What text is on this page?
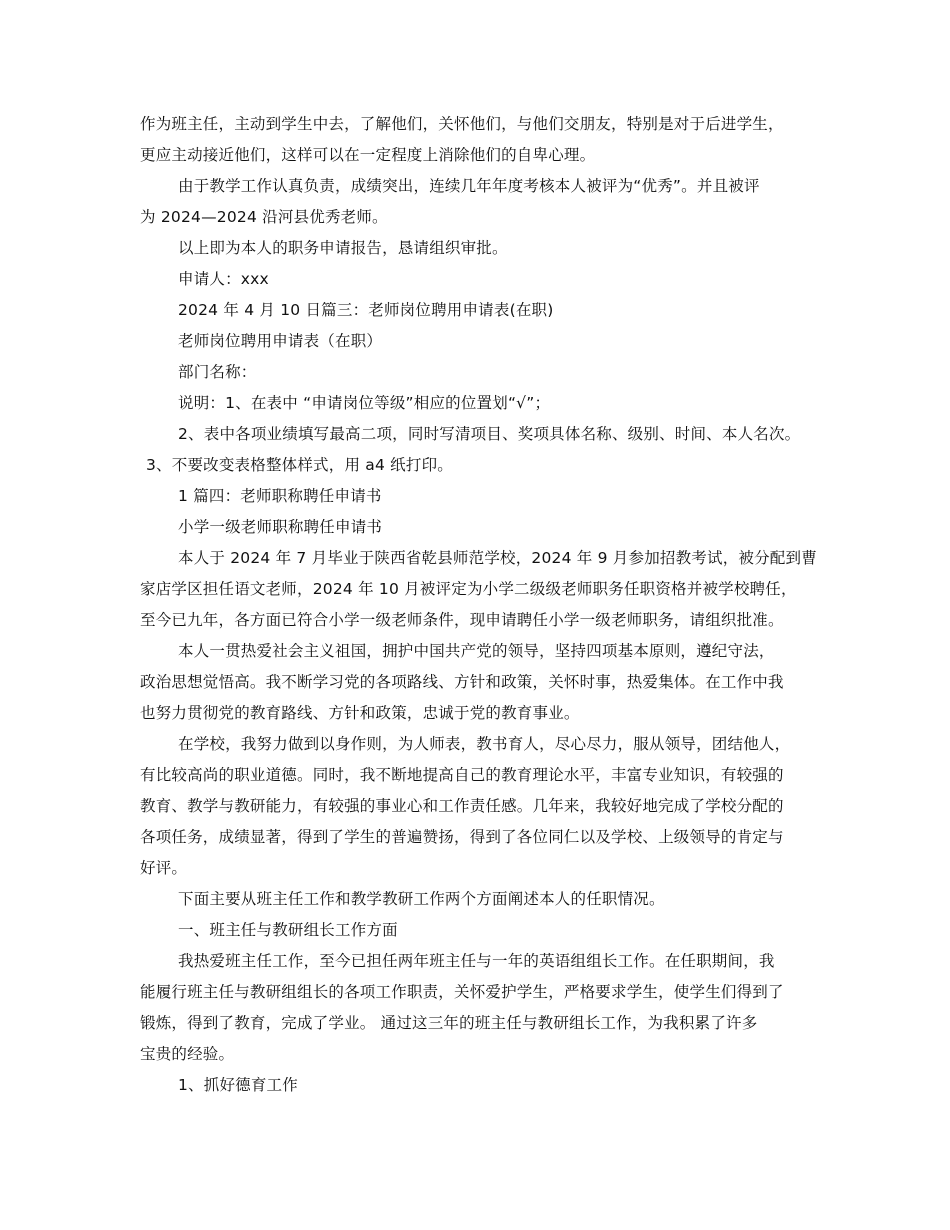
作为班主任，主动到学生中去，了解他们，关怀他们，与他们交朋友，特别是对于后进学生，

更应主动接近他们，这样可以在一定程度上消除他们的自卑心理。

由于教学工作认真负责，成绩突出，连续几年年度考核本人被评为“优秀”。并且被评

为 2024—2024 沿河县优秀老师。

以上即为本人的职务申请报告，恳请组织审批。

申请人：xxx

2024 年 4 月 10 日篇三：老师岗位聘用申请表(在职)

老师岗位聘用申请表（在职）

部门名称：

说明：1、在表中 “申请岗位等级”相应的位置划“√”；

2、表中各项业绩填写最高二项，同时写清项目、奖项具体名称、级别、时间、本人名次。

3、不要改变表格整体样式，用 a4 纸打印。

1 篇四：老师职称聘任申请书

小学一级老师职称聘任申请书

本人于 2024 年 7 月毕业于陕西省乾县师范学校，2024 年 9 月参加招教考试，被分配到曹

家店学区担任语文老师，2024 年 10 月被评定为小学二级级老师职务任职资格并被学校聘任，

至今已九年，各方面已符合小学一级老师条件，现申请聘任小学一级老师职务，请组织批准。

本人一贯热爱社会主义祖国，拥护中国共产党的领导，坚持四项基本原则，遵纪守法，

政治思想觉悟高。我不断学习党的各项路线、方针和政策，关怀时事，热爱集体。在工作中我

也努力贯彻党的教育路线、方针和政策，忠诚于党的教育事业。

在学校，我努力做到以身作则，为人师表，教书育人，尽心尽力，服从领导，团结他人，

有比较高尚的职业道德。同时，我不断地提高自己的教育理论水平，丰富专业知识，有较强的

教育、教学与教研能力，有较强的事业心和工作责任感。几年来，我较好地完成了学校分配的

各项任务，成绩显著，得到了学生的普遍赞扬，得到了各位同仁以及学校、上级领导的肯定与

好评。

下面主要从班主任工作和教学教研工作两个方面阐述本人的任职情况。

一、班主任与教研组长工作方面

我热爱班主任工作，至今已担任两年班主任与一年的英语组组长工作。在任职期间，我

能履行班主任与教研组组长的各项工作职责，关怀爱护学生，严格要求学生，使学生们得到了

锻炼，得到了教育，完成了学业。 通过这三年的班主任与教研组长工作，为我积累了许多

宝贵的经验。

1、抓好德育工作
